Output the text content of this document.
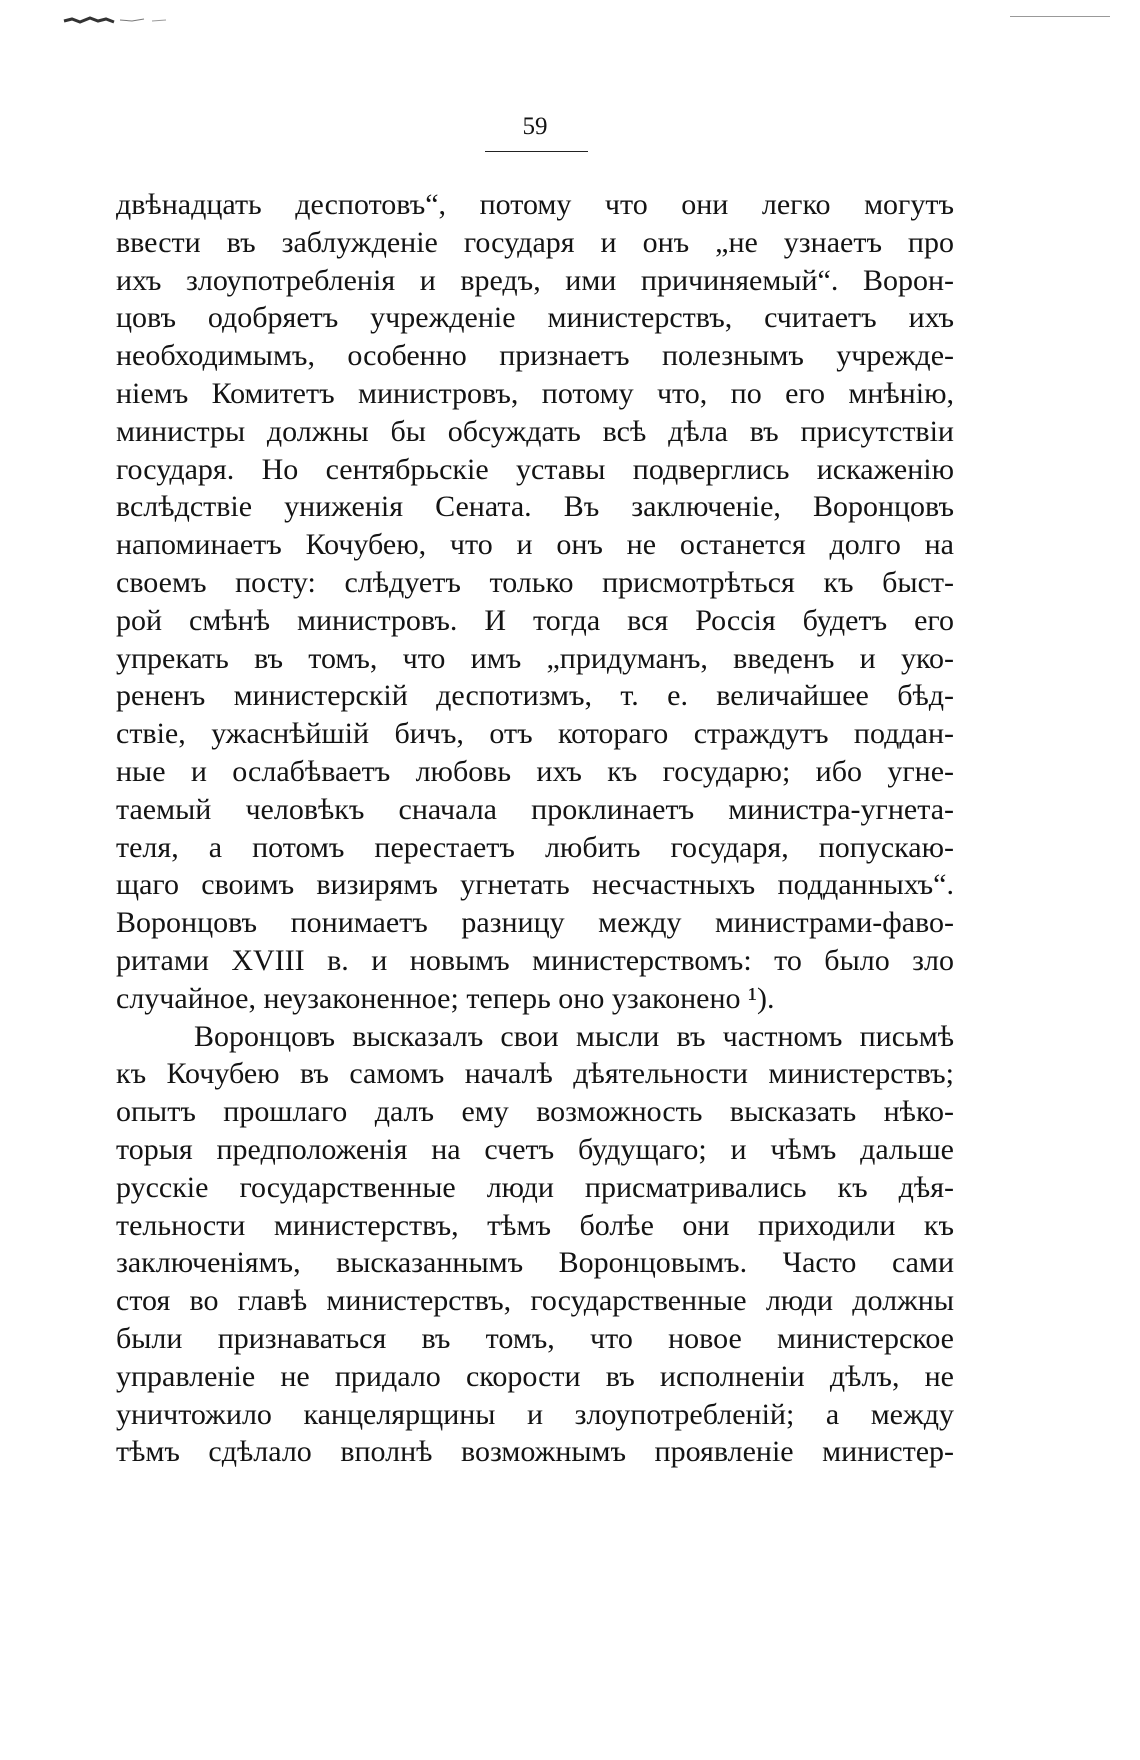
59
двѣнадцать деспотовъ“, потому что они легко могутъ
ввести въ заблужденіе государя и онъ „не узнаетъ про
ихъ злоупотребленія и вредъ, ими причиняемый“. Ворон-
цовъ одобряетъ учрежденіе министерствъ, считаетъ ихъ
необходимымъ, особенно признаетъ полезнымъ учрежде-
ніемъ Комитетъ министровъ, потому что, по его мнѣнію,
министры должны бы обсуждать всѣ дѣла въ присутствіи
государя. Но сентябрьскіе уставы подверглись искаженію
вслѣдствіе униженія Сената. Въ заключеніе, Воронцовъ
напоминаетъ Кочубею, что и онъ не останется долго на
своемъ посту: слѣдуетъ только присмотрѣться къ быст-
рой смѣнѣ министровъ. И тогда вся Россія будетъ его
упрекать въ томъ, что имъ „придуманъ, введенъ и уко-
рененъ министерскій деспотизмъ, т. е. величайшее бѣд-
ствіе, ужаснѣйшій бичъ, отъ котораго страждутъ поддан-
ные и ослабѣваетъ любовь ихъ къ государю; ибо угне-
таемый человѣкъ сначала проклинаетъ министра-угнета-
теля, а потомъ перестаетъ любить государя, попускаю-
щаго своимъ визирямъ угнетать несчастныхъ подданныхъ“.
Воронцовъ понимаетъ разницу между министрами-фаво-
ритами XVIII в. и новымъ министерствомъ: то было зло
случайное, неузаконенное; теперь оно узаконено ¹).
Воронцовъ высказалъ свои мысли въ частномъ письмѣ
къ Кочубею въ самомъ началѣ дѣятельности министерствъ;
опытъ прошлаго далъ ему возможность высказать нѣко-
торыя предположенія на счетъ будущаго; и чѣмъ дальше
русскіе государственные люди присматривались къ дѣя-
тельности министерствъ, тѣмъ болѣе они приходили къ
заключеніямъ, высказаннымъ Воронцовымъ. Часто сами
стоя во главѣ министерствъ, государственные люди должны
были признаваться въ томъ, что новое министерское
управленіе не придало скорости въ исполненіи дѣлъ, не
уничтожило канцелярщины и злоупотребленій; а между
тѣмъ сдѣлало вполнѣ возможнымъ проявленіе министер-
